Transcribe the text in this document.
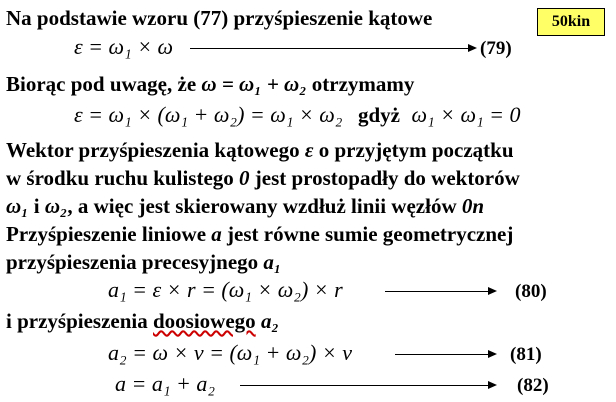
50kin
Na podstawie wzoru (77) przyśpieszenie kątowe
ε = ω₁ × ω	(79)
Biorąc pod uwagę, że ω = ω₁ + ω₂ otrzymamy
ε = ω₁ × (ω₁ + ω₂) = ω₁ × ω₂ gdyż ω₁ × ω₁ = 0
Wektor przyśpieszenia kątowego ε o przyjętym początku
w środku ruchu kulistego 0 jest prostopadły do wektorów
ω₁ i ω₂, a więc jest skierowany wzdłuż linii węzłów 0n
Przyśpieszenie liniowe a jest równe sumie geometrycznej
przyśpieszenia precesyjnego a₁
a₁ = ε × r = (ω₁ × ω₂) × r	(80)
i przyśpieszenia doosiowego a₂
a₂ = ω × v = (ω₁ + ω₂) × v	(81)
a = a₁ + a₂	(82)
